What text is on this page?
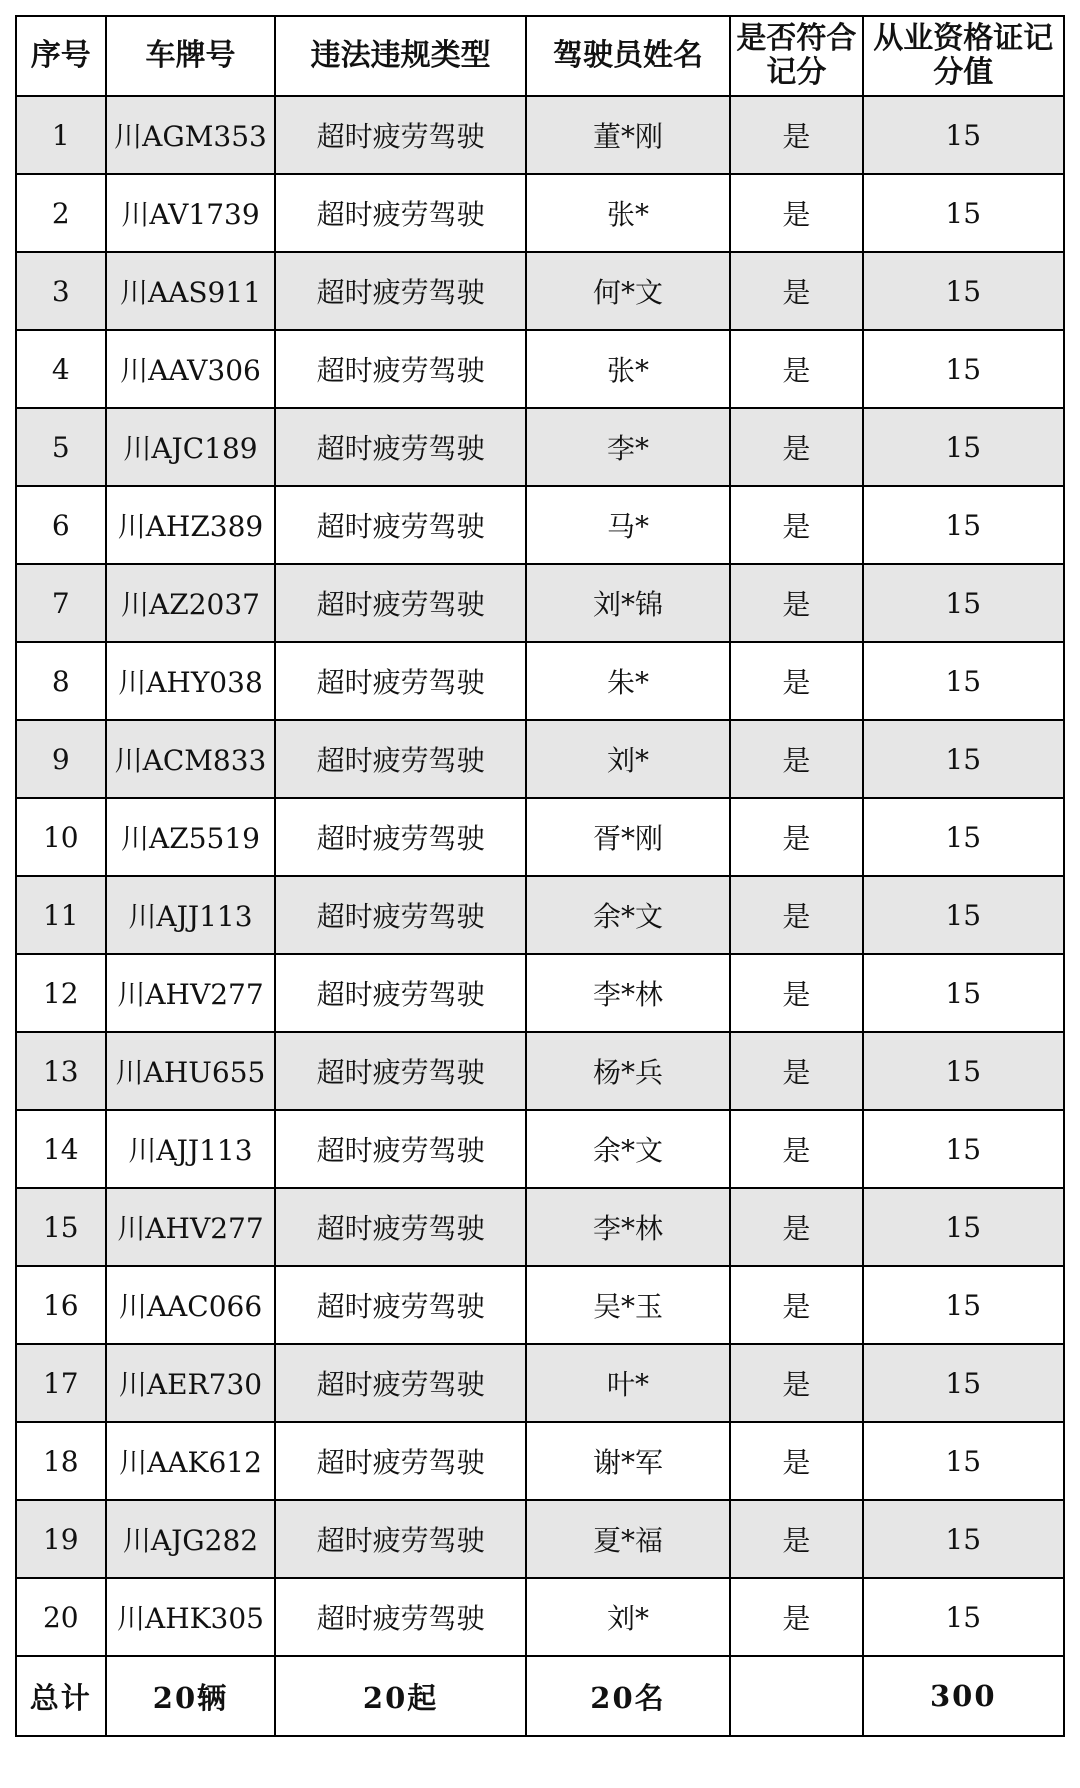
序号	车牌号	违法违规类型	驾驶员姓名	是否符合记分	从业资格证记分值
1	川AGM353	超时疲劳驾驶	董*刚	是	15
2	川AV1739	超时疲劳驾驶	张*	是	15
3	川AAS911	超时疲劳驾驶	何*文	是	15
4	川AAV306	超时疲劳驾驶	张*	是	15
5	川AJC189	超时疲劳驾驶	李*	是	15
6	川AHZ389	超时疲劳驾驶	马*	是	15
7	川AZ2037	超时疲劳驾驶	刘*锦	是	15
8	川AHY038	超时疲劳驾驶	朱*	是	15
9	川ACM833	超时疲劳驾驶	刘*	是	15
10	川AZ5519	超时疲劳驾驶	胥*刚	是	15
11	川AJJ113	超时疲劳驾驶	余*文	是	15
12	川AHV277	超时疲劳驾驶	李*林	是	15
13	川AHU655	超时疲劳驾驶	杨*兵	是	15
14	川AJJ113	超时疲劳驾驶	余*文	是	15
15	川AHV277	超时疲劳驾驶	李*林	是	15
16	川AAC066	超时疲劳驾驶	吴*玉	是	15
17	川AER730	超时疲劳驾驶	叶*	是	15
18	川AAK612	超时疲劳驾驶	谢*军	是	15
19	川AJG282	超时疲劳驾驶	夏*福	是	15
20	川AHK305	超时疲劳驾驶	刘*	是	15
总计	20辆	20起	20名		300
